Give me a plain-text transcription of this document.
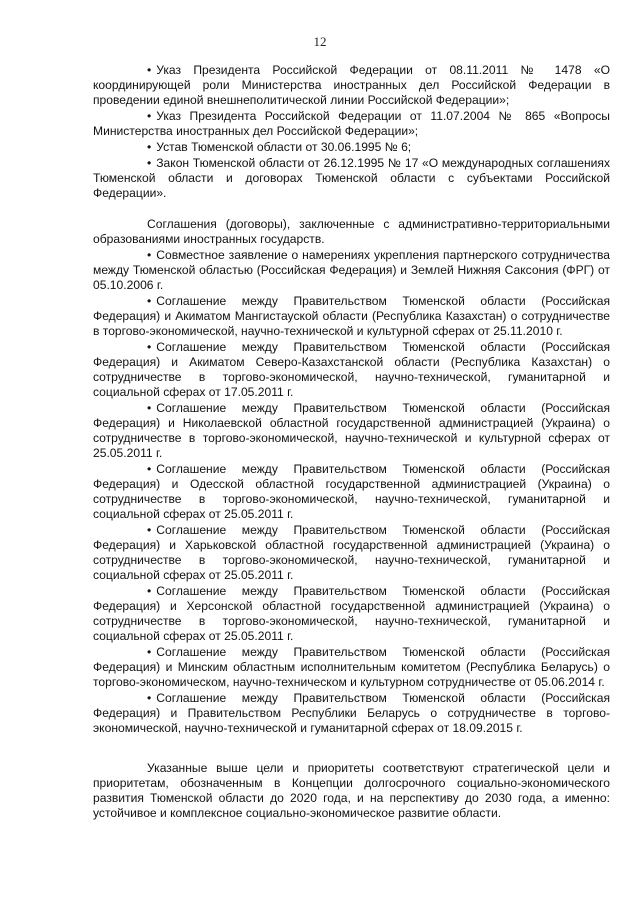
12

• Указ Президента Российской Федерации от 08.11.2011 № 1478 «О координирующей роли Министерства иностранных дел Российской Федерации в проведении единой внешнеполитической линии Российской Федерации»;

• Указ Президента Российской Федерации от 11.07.2004 № 865 «Вопросы Министерства иностранных дел Российской Федерации»;

• Устав Тюменской области от 30.06.1995 № 6;

• Закон Тюменской области от 26.12.1995 № 17 «О международных соглашениях Тюменской области и договорах Тюменской области с субъектами Российской Федерации».

Соглашения (договоры), заключенные с административно-территориальными образованиями иностранных государств.

• Совместное заявление о намерениях укрепления партнерского сотрудничества между Тюменской областью (Российская Федерация) и Землей Нижняя Саксония (ФРГ) от 05.10.2006 г.

• Соглашение между Правительством Тюменской области (Российская Федерация) и Акиматом Мангистауской области (Республика Казахстан) о сотрудничестве в торгово-экономической, научно-технической и культурной сферах от 25.11.2010 г.

• Соглашение между Правительством Тюменской области (Российская Федерация) и Акиматом Северо-Казахстанской области (Республика Казахстан) о сотрудничестве в торгово-экономической, научно-технической, гуманитарной и социальной сферах от 17.05.2011 г.

• Соглашение между Правительством Тюменской области (Российская Федерация) и Николаевской областной государственной администрацией (Украина) о сотрудничестве в торгово-экономической, научно-технической и культурной сферах от 25.05.2011 г.

• Соглашение между Правительством Тюменской области (Российская Федерация) и Одесской областной государственной администрацией (Украина) о сотрудничестве в торгово-экономической, научно-технической, гуманитарной и социальной сферах от 25.05.2011 г.

• Соглашение между Правительством Тюменской области (Российская Федерация) и Харьковской областной государственной администрацией (Украина) о сотрудничестве в торгово-экономической, научно-технической, гуманитарной и социальной сферах от 25.05.2011 г.

• Соглашение между Правительством Тюменской области (Российская Федерация) и Херсонской областной государственной администрацией (Украина) о сотрудничестве в торгово-экономической, научно-технической, гуманитарной и социальной сферах от 25.05.2011 г.

• Соглашение между Правительством Тюменской области (Российская Федерация) и Минским областным исполнительным комитетом (Республика Беларусь) о торгово-экономическом, научно-техническом и культурном сотрудничестве от 05.06.2014 г.

• Соглашение между Правительством Тюменской области (Российская Федерация) и Правительством Республики Беларусь о сотрудничестве в торгово-экономической, научно-технической и гуманитарной сферах от 18.09.2015 г.

Указанные выше цели и приоритеты соответствуют стратегической цели и приоритетам, обозначенным в Концепции долгосрочного социально-экономического развития Тюменской области до 2020 года, и на перспективу до 2030 года, а именно: устойчивое и комплексное социально-экономическое развитие области.
